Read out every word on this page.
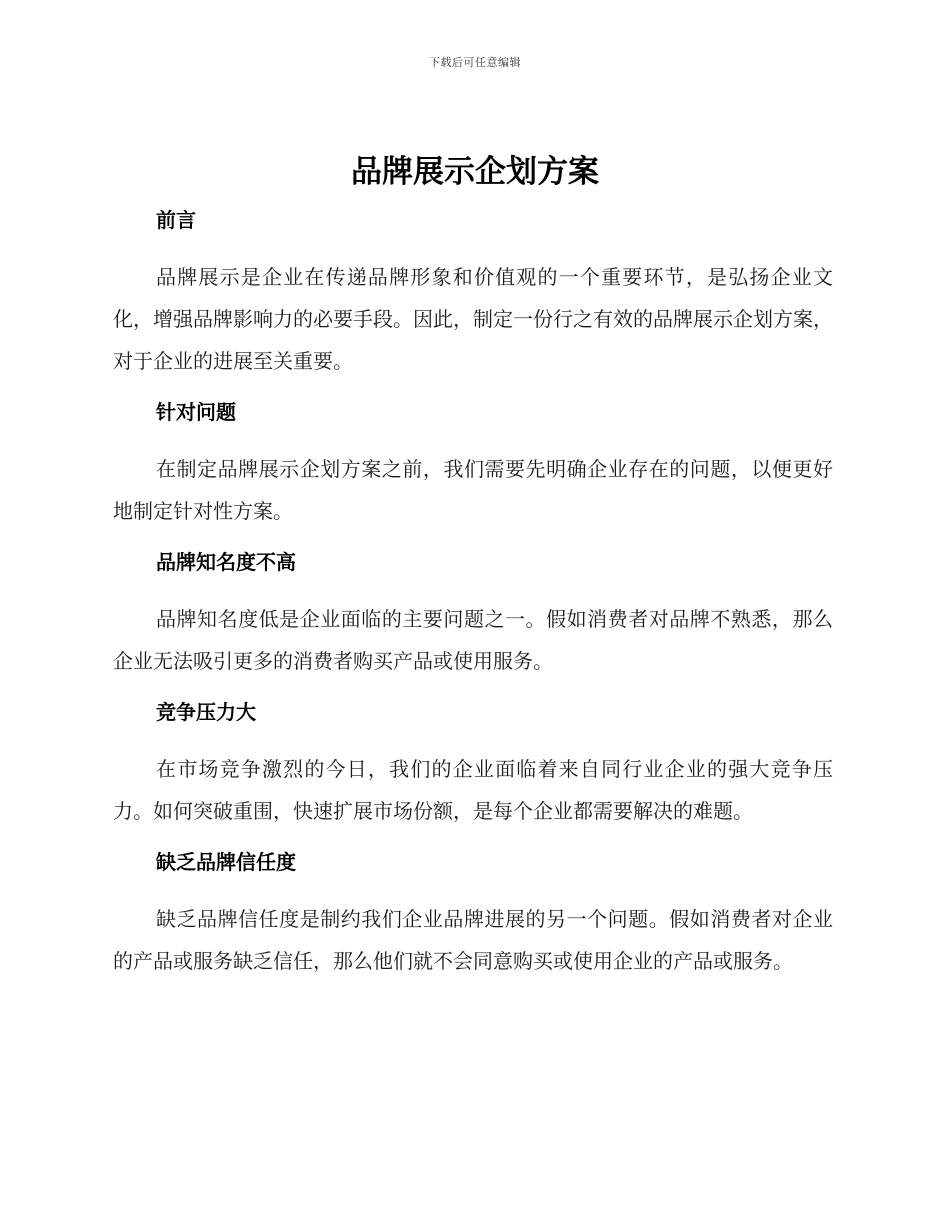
下载后可任意编辑
品牌展示企划方案
前言

品牌展示是企业在传递品牌形象和价值观的一个重要环节，是弘扬企业文化，增强品牌影响力的必要手段。因此，制定一份行之有效的品牌展示企划方案，对于企业的进展至关重要。

针对问题

在制定品牌展示企划方案之前，我们需要先明确企业存在的问题，以便更好地制定针对性方案。

品牌知名度不高

品牌知名度低是企业面临的主要问题之一。假如消费者对品牌不熟悉，那么企业无法吸引更多的消费者购买产品或使用服务。

竞争压力大

在市场竞争激烈的今日，我们的企业面临着来自同行业企业的强大竞争压力。如何突破重围，快速扩展市场份额，是每个企业都需要解决的难题。

缺乏品牌信任度

缺乏品牌信任度是制约我们企业品牌进展的另一个问题。假如消费者对企业的产品或服务缺乏信任，那么他们就不会同意购买或使用企业的产品或服务。
